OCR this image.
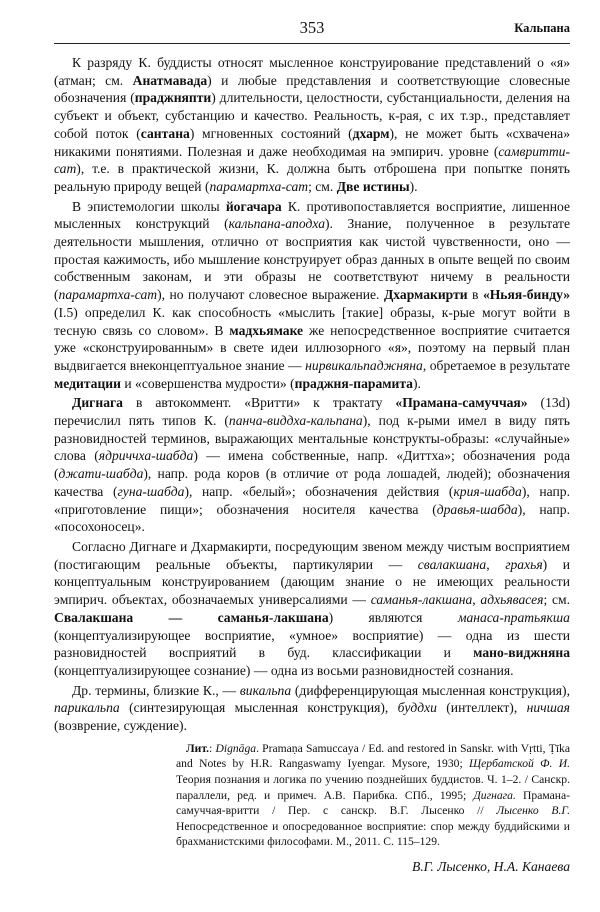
353	Кальпана

К разряду К. буддисты относят мысленное конструирование представлений о «я» (атман; см. Анатмавада) и любые представления и соответствующие словесные обозначения (праджняпти) длительности, целостности, субстанциальности, деления на субъект и объект, субстанцию и качество. Реальность, к-рая, с их т.зр., представляет собой поток (сантана) мгновенных состояний (дхарм), не может быть «схвачена» никакими понятиями. Полезная и даже необходимая на эмпирич. уровне (самвритти-сат), т.е. в практической жизни, К. должна быть отброшена при попытке понять реальную природу вещей (парамартха-сат; см. Две истины).

В эпистемологии школы йогачара К. противопоставляется восприятие, лишенное мысленных конструкций (кальпана-аподха). Знание, полученное в результате деятельности мышления, отлично от восприятия как чистой чувственности, оно — простая кажимость, ибо мышление конструирует образ данных в опыте вещей по своим собственным законам, и эти образы не соответствуют ничему в реальности (парамартха-сат), но получают словесное выражение. Дхармакирти в «Ньяя-бинду» (I.5) определил К. как способность «мыслить [такие] образы, к-рые могут войти в тесную связь со словом». В мадхьямаке же непосредственное восприятие считается уже «сконструированным» в свете идеи иллюзорного «я», поэтому на первый план выдвигается внеконцептуальное знание — нирвикальпаджняна, обретаемое в результате медитации и «совершенства мудрости» (праджня-парамита).

Дигнага в автокоммент. «Вритти» к трактату «Прамана-самуччая» (13d) перечислил пять типов К. (панча-виддха-кальпана), под к-рыми имел в виду пять разновидностей терминов, выражающих ментальные конструкты-образы: «случайные» слова (ядриччха-шабда) — имена собственные, напр. «Диттха»; обозначения рода (джати-шабда), напр. рода коров (в отличие от рода лошадей, людей); обозначения качества (гуна-шабда), напр. «белый»; обозначения действия (крия-шабда), напр. «приготовление пищи»; обозначения носителя качества (дравья-шабда), напр. «посохоносец».

Согласно Дигнаге и Дхармакирти, посредующим звеном между чистым восприятием (постигающим реальные объекты, партикулярии — свалакшана, грахья) и концептуальным конструированием (дающим знание о не имеющих реальности эмпирич. объектах, обозначаемых универсалиями — саманья-лакшана, адхьявасея; см. Свалакшана — саманья-лакшана) являются манаса-пратьякша (концептуализирующее восприятие, «умное» восприятие) — одна из шести разновидностей восприятий в буд. классификации и мано-виджняна (концептуализирующее сознание) — одна из восьми разновидностей сознания.

Др. термины, близкие К., — викальпа (дифференцирующая мысленная конструкция), парикальпа (синтезирующая мысленная конструкция), буддхи (интеллект), ничшая (возврение, суждение).

Лит.: Dignāga. Pramaṇa Samuccaya / Ed. and restored in Sanskr. with Vṛtti, Ṭīka and Notes by H.R. Rangaswamy Iyengar. Mysore, 1930; Щербатской Ф. И. Теория познания и логика по учению позднейших буддистов. Ч. 1–2. / Санскр. параллели, ред. и примеч. А.В. Парибка. СПб., 1995; Дигнага. Прамана-самуччая-вритти / Пер. с санскр. В.Г. Лысенко // Лысенко В.Г. Непосредственное и опосредованное восприятие: спор между буддийскими и брахманистскими философами. М., 2011. С. 115–129.

В.Г. Лысенко, Н.А. Канаева
